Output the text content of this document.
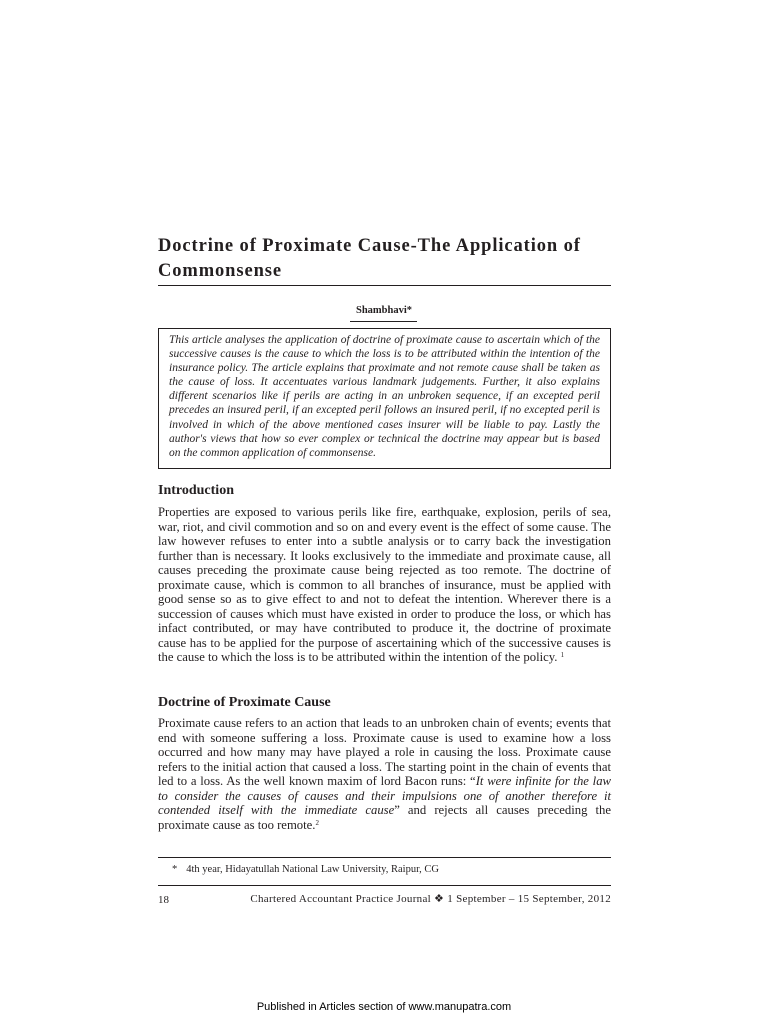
Doctrine of Proximate Cause-The Application of Commonsense
Shambhavi*

This article analyses the application of doctrine of proximate cause to ascertain which of the successive causes is the cause to which the loss is to be attributed within the intention of the insurance policy. The article explains that proximate and not remote cause shall be taken as the cause of loss. It accentuates various landmark judgements. Further, it also explains different scenarios like if perils are acting in an unbroken sequence, if an excepted peril precedes an insured peril, if an excepted peril follows an insured peril, if no excepted peril is involved in which of the above mentioned cases insurer will be liable to pay. Lastly the author's views that how so ever complex or technical the doctrine may appear but is based on the common application of commonsense.

Introduction

Properties are exposed to various perils like fire, earthquake, explosion, perils of sea, war, riot, and civil commotion and so on and every event is the effect of some cause. The law however refuses to enter into a subtle analysis or to carry back the investigation further than is necessary. It looks exclusively to the immediate and proximate cause, all causes preceding the proximate cause being rejected as too remote. The doctrine of proximate cause, which is common to all branches of insurance, must be applied with good sense so as to give effect to and not to defeat the intention. Wherever there is a succession of causes which must have existed in order to produce the loss, or which has infact contributed, or may have contributed to produce it, the doctrine of proximate cause has to be applied for the purpose of ascertaining which of the successive causes is the cause to which the loss is to be attributed within the intention of the policy. $^1$

Doctrine of Proximate Cause

Proximate cause refers to an action that leads to an unbroken chain of events; events that end with someone suffering a loss. Proximate cause is used to examine how a loss occurred and how many may have played a role in causing the loss. Proximate cause refers to the initial action that caused a loss. The starting point in the chain of events that led to a loss. As the well known maxim of lord Bacon runs: “It were infinite for the law to consider the causes of causes and their impulsions one of another therefore it contended itself with the immediate cause” and rejects all causes preceding the proximate cause as too remote.$^2$

* 4th year, Hidayatullah National Law University, Raipur, CG
18	Chartered Accountant Practice Journal ❖ 1 September – 15 September, 2012
Published in Articles section of www.manupatra.com
